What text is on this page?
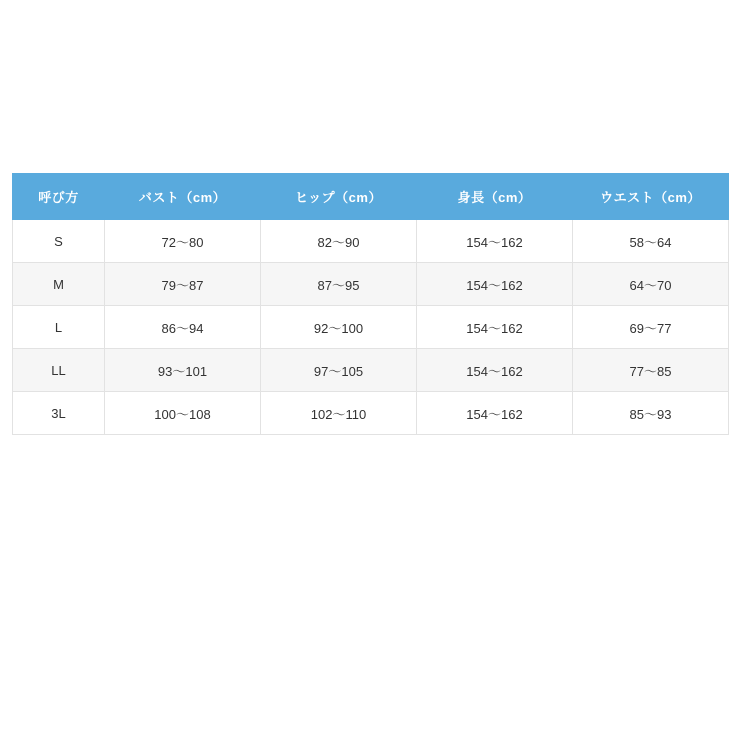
呼び方	バスト（cm）	ヒップ（cm）	身長（cm）	ウエスト（cm）
S	72〜80	82〜90	154〜162	58〜64
M	79〜87	87〜95	154〜162	64〜70
L	86〜94	92〜100	154〜162	69〜77
LL	93〜101	97〜105	154〜162	77〜85
3L	100〜108	102〜110	154〜162	85〜93
